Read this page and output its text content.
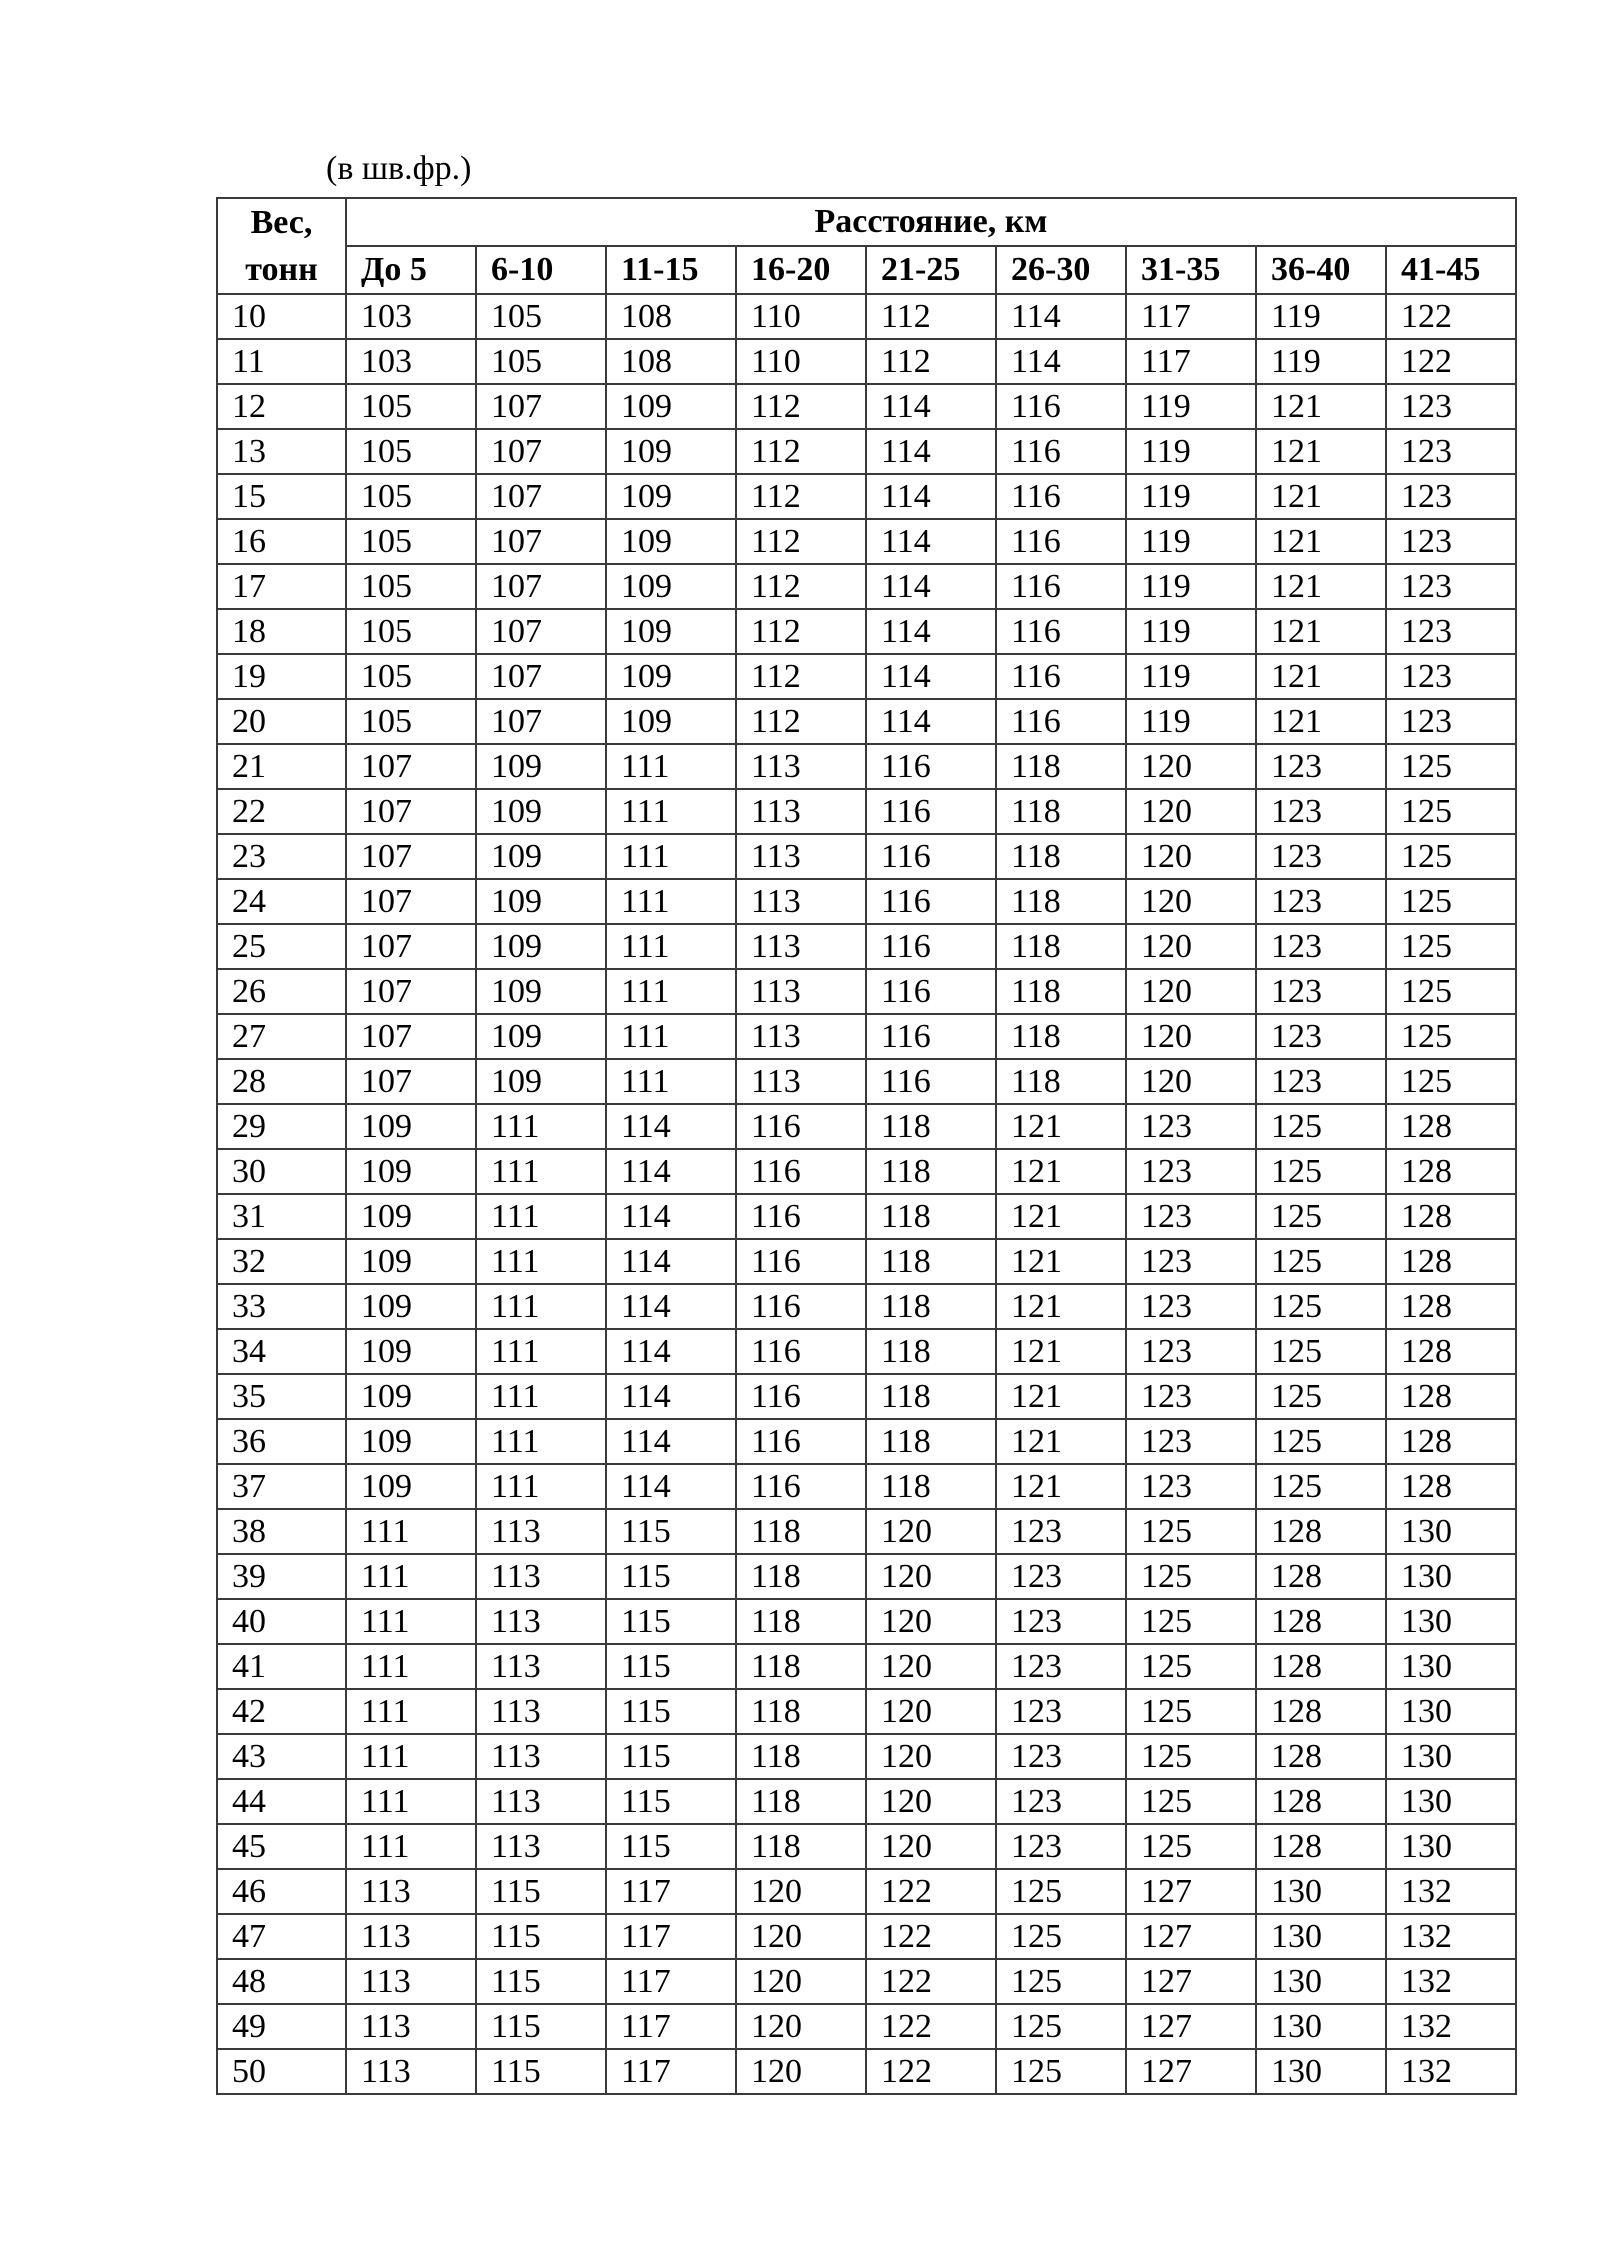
(в шв.фр.)
Вес,
тонн	Расстояние, км								
	До 5	6-10	11-15	16-20	21-25	26-30	31-35	36-40	41-45
10	103	105	108	110	112	114	117	119	122
11	103	105	108	110	112	114	117	119	122
12	105	107	109	112	114	116	119	121	123
13	105	107	109	112	114	116	119	121	123
15	105	107	109	112	114	116	119	121	123
16	105	107	109	112	114	116	119	121	123
17	105	107	109	112	114	116	119	121	123
18	105	107	109	112	114	116	119	121	123
19	105	107	109	112	114	116	119	121	123
20	105	107	109	112	114	116	119	121	123
21	107	109	111	113	116	118	120	123	125
22	107	109	111	113	116	118	120	123	125
23	107	109	111	113	116	118	120	123	125
24	107	109	111	113	116	118	120	123	125
25	107	109	111	113	116	118	120	123	125
26	107	109	111	113	116	118	120	123	125
27	107	109	111	113	116	118	120	123	125
28	107	109	111	113	116	118	120	123	125
29	109	111	114	116	118	121	123	125	128
30	109	111	114	116	118	121	123	125	128
31	109	111	114	116	118	121	123	125	128
32	109	111	114	116	118	121	123	125	128
33	109	111	114	116	118	121	123	125	128
34	109	111	114	116	118	121	123	125	128
35	109	111	114	116	118	121	123	125	128
36	109	111	114	116	118	121	123	125	128
37	109	111	114	116	118	121	123	125	128
38	111	113	115	118	120	123	125	128	130
39	111	113	115	118	120	123	125	128	130
40	111	113	115	118	120	123	125	128	130
41	111	113	115	118	120	123	125	128	130
42	111	113	115	118	120	123	125	128	130
43	111	113	115	118	120	123	125	128	130
44	111	113	115	118	120	123	125	128	130
45	111	113	115	118	120	123	125	128	130
46	113	115	117	120	122	125	127	130	132
47	113	115	117	120	122	125	127	130	132
48	113	115	117	120	122	125	127	130	132
49	113	115	117	120	122	125	127	130	132
50	113	115	117	120	122	125	127	130	132
